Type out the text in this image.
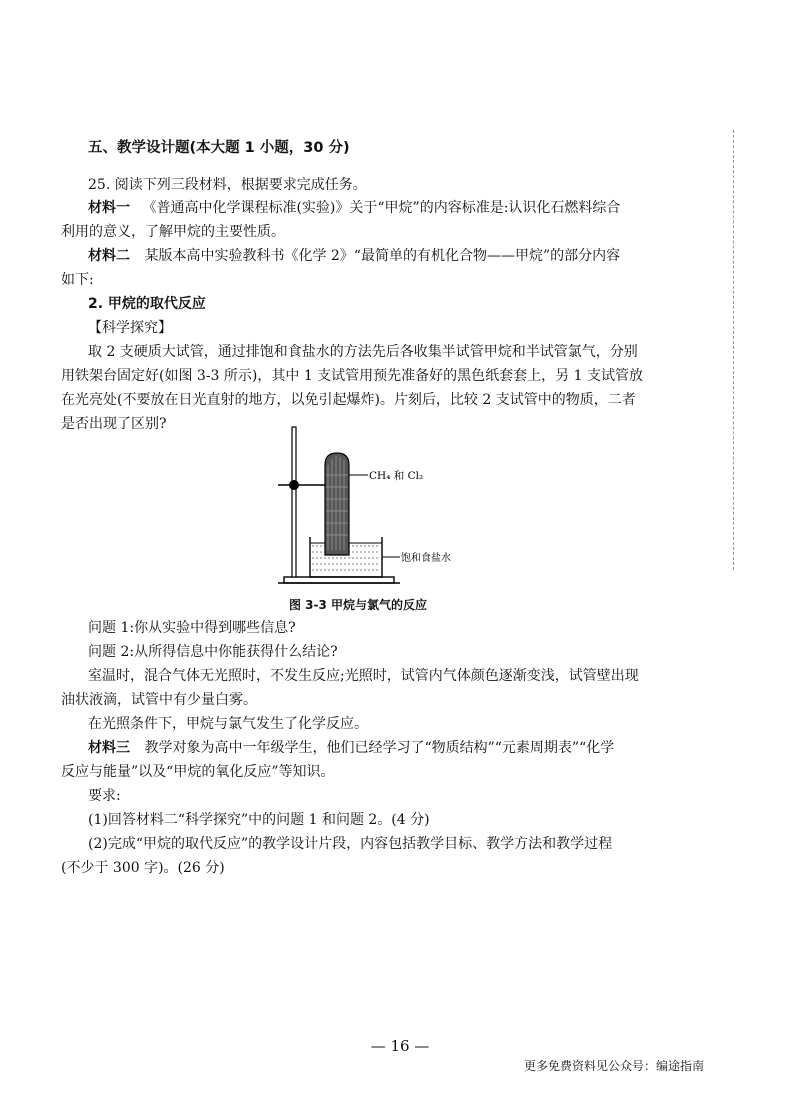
五、教学设计题(本大题 1 小题，30 分)
25. 阅读下列三段材料，根据要求完成任务。
材料一 《普通高中化学课程标准(实验)》关于“甲烷”的内容标准是:认识化石燃料综合
利用的意义，了解甲烷的主要性质。
材料二 某版本高中实验教科书《化学 2》“最简单的有机化合物——甲烷”的部分内容
如下:
2. 甲烷的取代反应
【科学探究】
取 2 支硬质大试管，通过排饱和食盐水的方法先后各收集半试管甲烷和半试管氯气，分别
用铁架台固定好(如图 3-3 所示)，其中 1 支试管用预先准备好的黑色纸套套上，另 1 支试管放
在光亮处(不要放在日光直射的地方，以免引起爆炸)。片刻后，比较 2 支试管中的物质，二者
是否出现了区别?
CH₄ 和 Cl₂
饱和食盐水
图 3-3 甲烷与氯气的反应
问题 1:你从实验中得到哪些信息?
问题 2:从所得信息中你能获得什么结论?
室温时，混合气体无光照时，不发生反应;光照时，试管内气体颜色逐渐变浅，试管壁出现
油状液滴，试管中有少量白雾。
在光照条件下，甲烷与氯气发生了化学反应。
材料三 教学对象为高中一年级学生，他们已经学习了“物质结构”“元素周期表”“化学
反应与能量”以及“甲烷的氧化反应”等知识。
要求:
(1)回答材料二“科学探究”中的问题 1 和问题 2。(4 分)
(2)完成“甲烷的取代反应”的教学设计片段，内容包括教学目标、教学方法和教学过程
(不少于 300 字)。(26 分)
— 16 —
更多免费资料见公众号：编途指南
